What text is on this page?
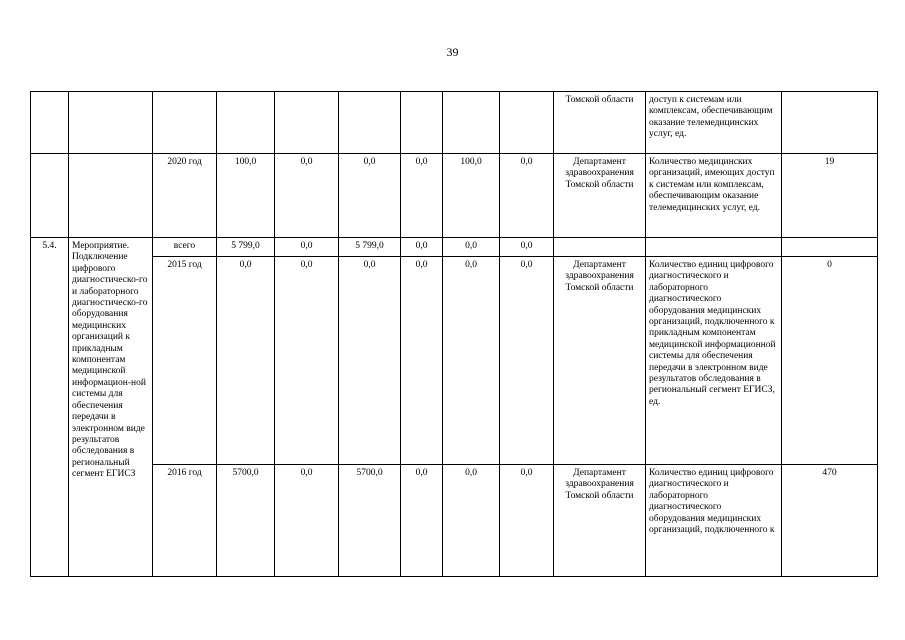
39
									Томской области	доступ к системам или комплексам, обеспечивающим оказание телемедицинских услуг, ед.	
		2020 год	100,0	0,0	0,0	0,0	100,0	0,0	Департамент здравоохранения Томской области	Количество медицинских организаций, имеющих доступ к системам или комплексам, обеспечивающим оказание телемедицинских услуг, ед.	19
5.4.	Мероприятие. Подключение цифрового диагностическо-го и лабораторного диагностическо-го оборудования медицинских организаций к прикладным компонентам медицинской информацион-ной системы для обеспечения передачи в электронном виде результатов обследования в региональный сегмент ЕГИСЗ	всего	5 799,0	0,0	5 799,0	0,0	0,0	0,0			
		2015 год	0,0	0,0	0,0	0,0	0,0	0,0	Департамент здравоохранения Томской области	Количество единиц цифрового диагностического и лабораторного диагностического оборудования медицинских организаций, подключенного к прикладным компонентам медицинской информационной системы для обеспечения передачи в электронном виде результатов обследования в региональный сегмент ЕГИСЗ, ед.	0
		2016 год	5700,0	0,0	5700,0	0,0	0,0	0,0	Департамент здравоохранения Томской области	Количество единиц цифрового диагностического и лабораторного диагностического оборудования медицинских организаций, подключенного к	470
